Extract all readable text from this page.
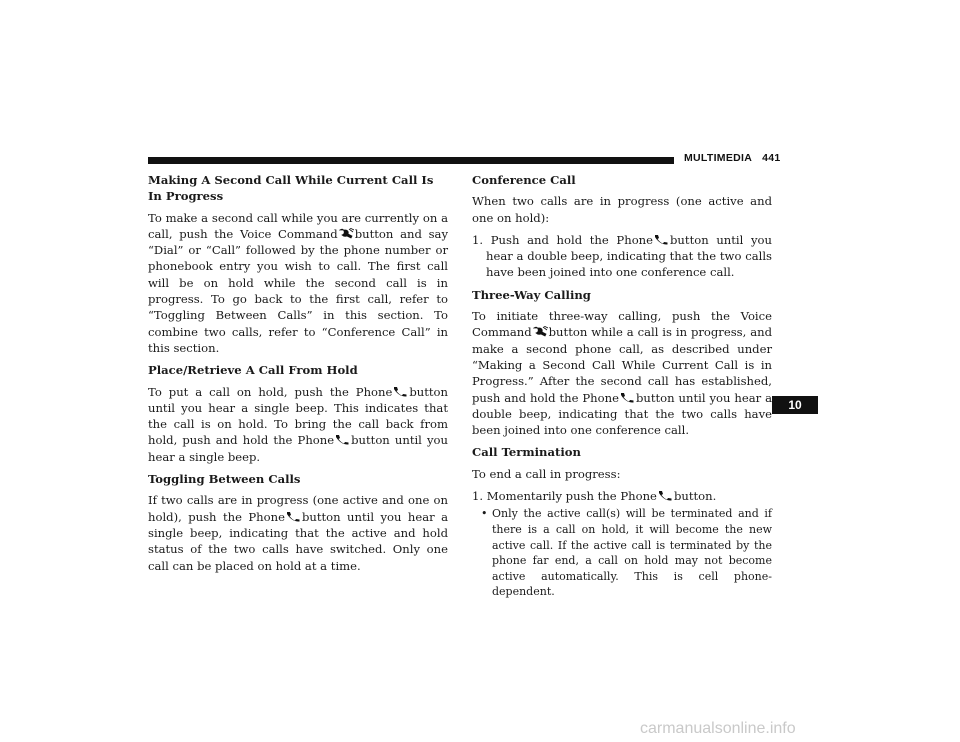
MULTIMEDIA 441
Making A Second Call While Current Call Is In Progress

To make a second call while you are currently on a call, push the Voice Command button and say “Dial” or “Call” followed by the phone number or phonebook entry you wish to call. The first call will be on hold while the second call is in progress. To go back to the first call, refer to “Toggling Between Calls” in this section. To combine two calls, refer to “Conference Call” in this section.

Place/Retrieve A Call From Hold

To put a call on hold, push the Phone button until you hear a single beep. This indicates that the call is on hold. To bring the call back from hold, push and hold the Phone button until you hear a single beep.

Toggling Between Calls

If two calls are in progress (one active and one on hold), push the Phone button until you hear a single beep, indicating that the active and hold status of the two calls have switched. Only one call can be placed on hold at a time.

Conference Call

When two calls are in progress (one active and one on hold):

1. Push and hold the Phone button until you hear a double beep, indicating that the two calls have been joined into one conference call.

Three-Way Calling

To initiate three-way calling, push the Voice Command button while a call is in progress, and make a second phone call, as described under “Making a Second Call While Current Call is in Progress.” After the second call has established, push and hold the Phone button until you hear a double beep, indicating that the two calls have been joined into one conference call.

Call Termination

To end a call in progress:

1. Momentarily push the Phone button.

• Only the active call(s) will be terminated and if there is a call on hold, it will become the new active call. If the active call is terminated by the phone far end, a call on hold may not become active automatically. This is cell phone-dependent.
10
carmanualsonline.info
